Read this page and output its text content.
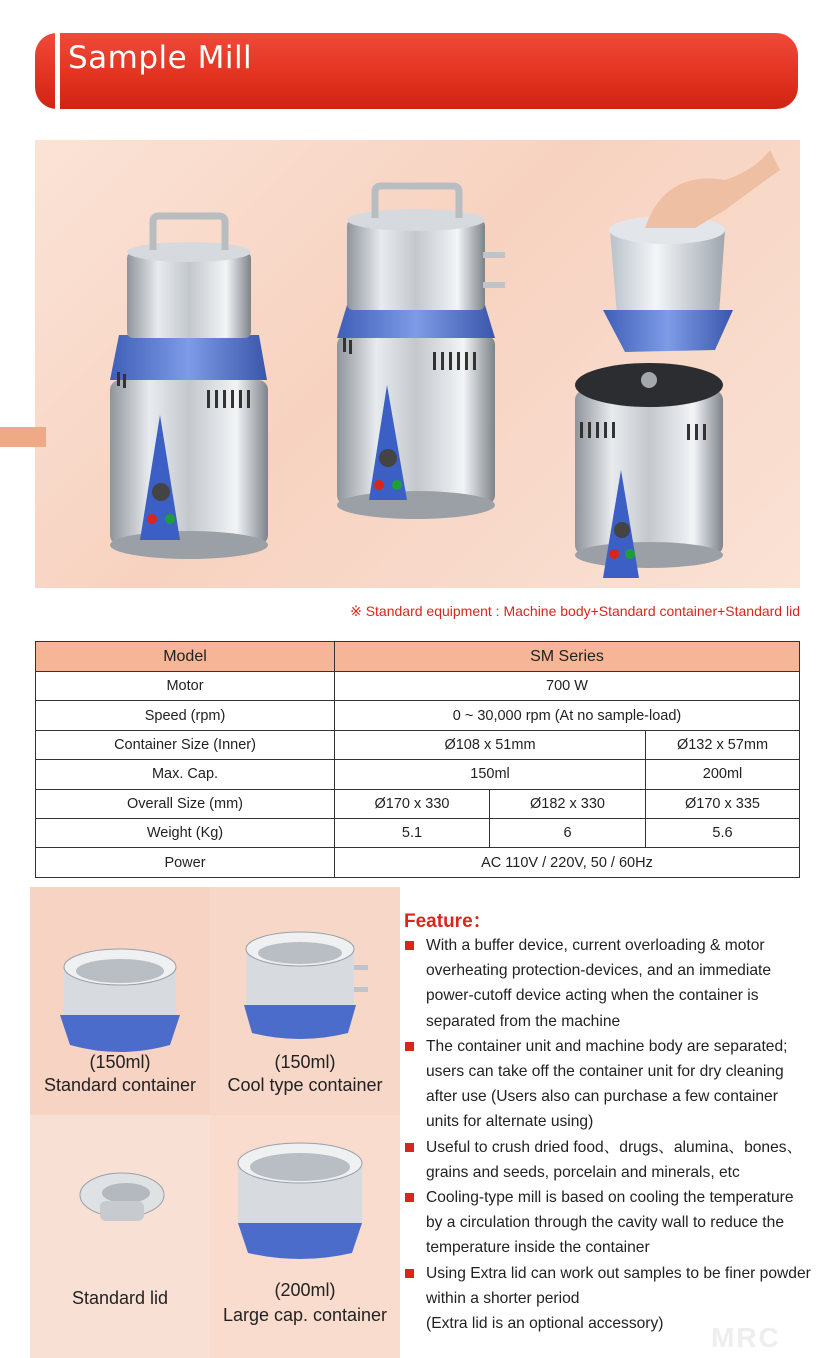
Sample Mill
※ Standard equipment : Machine body+Standard container+Standard lid
Model	SM Series		
Motor	700 W		
Speed (rpm)	0 ~ 30,000 rpm (At no sample-load)		
Container Size (Inner)	Ø108 x 51mm		Ø132 x 57mm
Max. Cap.	150ml		200ml
Overall Size (mm)	Ø170 x 330	Ø182 x 330	Ø170 x 335
Weight (Kg)	5.1	6	5.6
Power	AC 110V / 220V, 50 / 60Hz		
(150ml)
Standard container
(150ml)
Cool type container
Standard lid	(200ml)
Large cap. container
Feature：
With a buffer device, current overloading & motor overheating protection-devices, and an immediate power-cutoff device acting when the container is separated from the machine
The container unit and machine body are separated; users can take off the container unit for dry cleaning after use (Users also can purchase a few container units for alternate using)
Useful to crush dried food、drugs、alumina、bones、grains and seeds, porcelain and minerals, etc
Cooling-type mill is based on cooling the temperature by a circulation through the cavity wall to reduce the temperature inside the container
Using Extra lid can work out samples to be finer powder within a shorter period
(Extra lid is an optional accessory)	MRC
